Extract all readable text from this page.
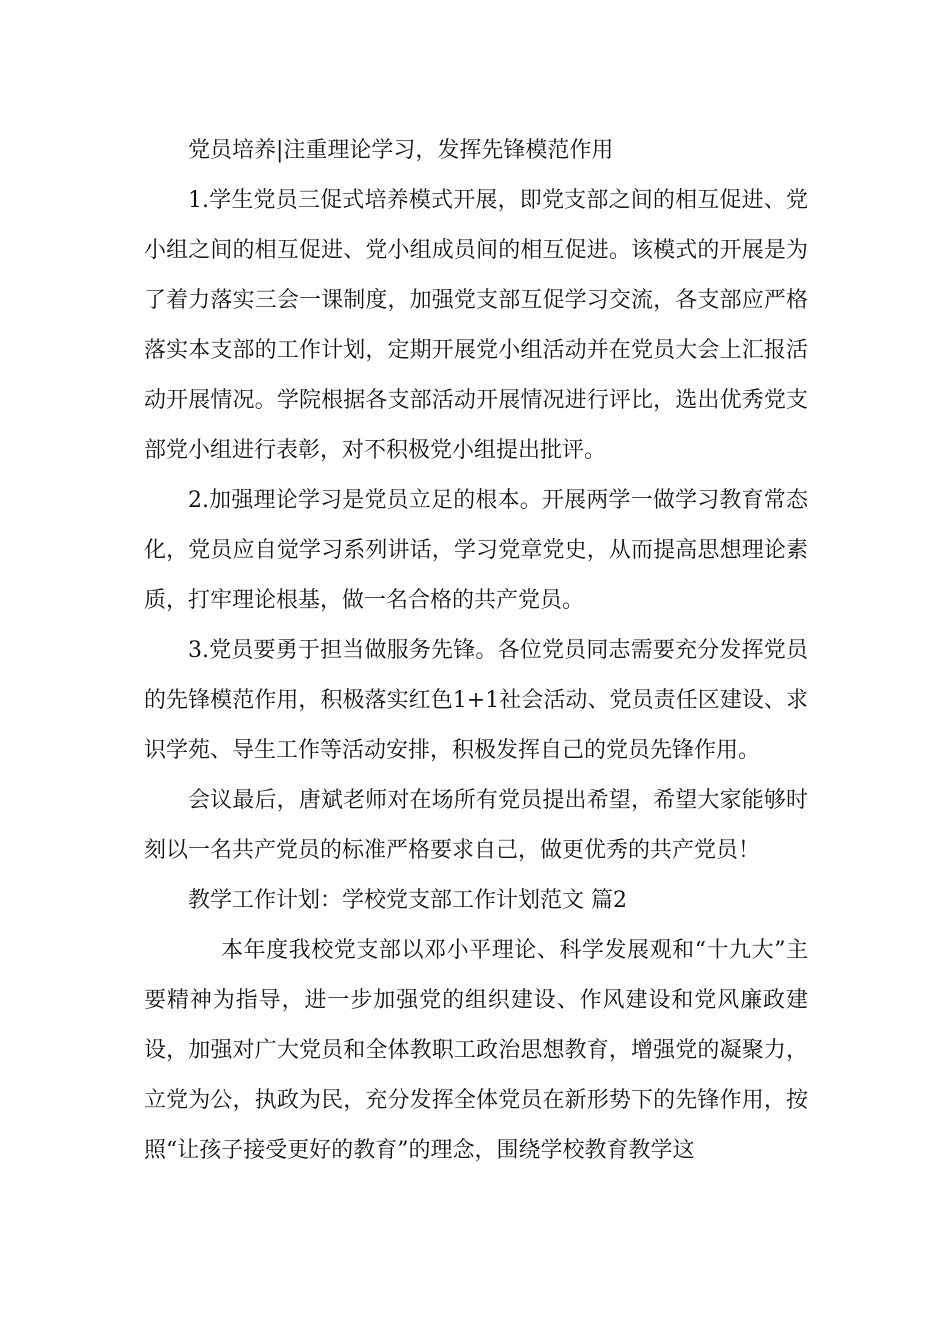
党员培养|注重理论学习，发挥先锋模范作用

1.学生党员三促式培养模式开展，即党支部之间的相互促进、党小组之间的相互促进、党小组成员间的相互促进。该模式的开展是为了着力落实三会一课制度，加强党支部互促学习交流，各支部应严格落实本支部的工作计划，定期开展党小组活动并在党员大会上汇报活动开展情况。学院根据各支部活动开展情况进行评比，选出优秀党支部党小组进行表彰，对不积极党小组提出批评。

2.加强理论学习是党员立足的根本。开展两学一做学习教育常态化，党员应自觉学习系列讲话，学习党章党史，从而提高思想理论素质，打牢理论根基，做一名合格的共产党员。

3.党员要勇于担当做服务先锋。各位党员同志需要充分发挥党员的先锋模范作用，积极落实红色1+1社会活动、党员责任区建设、求识学苑、导生工作等活动安排，积极发挥自己的党员先锋作用。

会议最后，唐斌老师对在场所有党员提出希望，希望大家能够时刻以一名共产党员的标准严格要求自己，做更优秀的共产党员！

教学工作计划：学校党支部工作计划范文 篇2

本年度我校党支部以邓小平理论、科学发展观和“十九大”主要精神为指导，进一步加强党的组织建设、作风建设和党风廉政建设，加强对广大党员和全体教职工政治思想教育，增强党的凝聚力，立党为公，执政为民，充分发挥全体党员在新形势下的先锋作用，按照“让孩子接受更好的教育”的理念，围绕学校教育教学这
